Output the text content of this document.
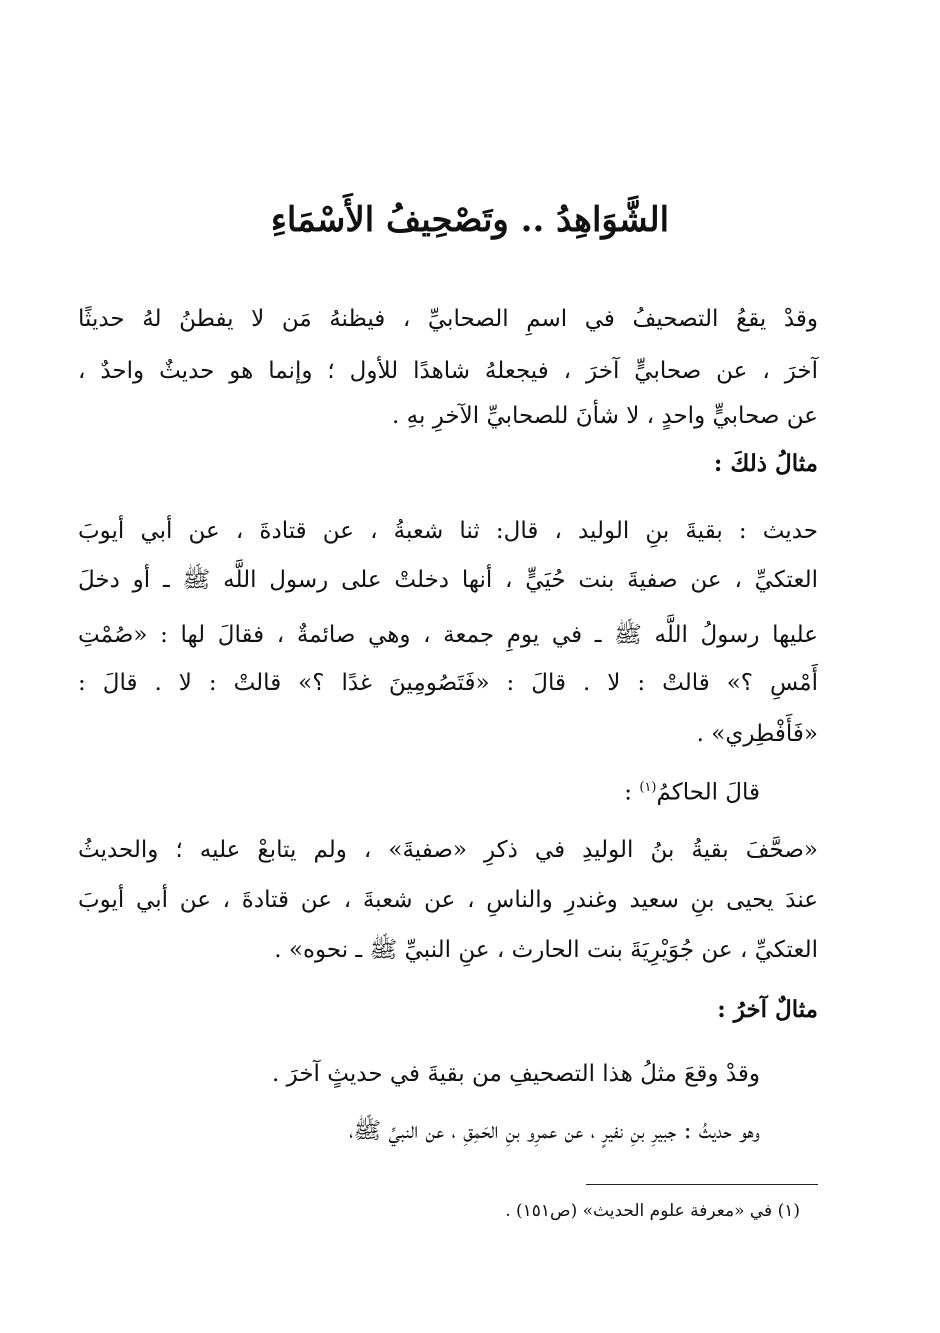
الشَّوَاهِدُ .. وتَصْحِيفُ الأَسْمَاءِ
وقدْ يقعُ التصحيفُ في اسمِ الصحابيِّ ، فيظنهُ مَن لا يفطنُ لهُ حديثًا
آخرَ ، عن صحابيٍّ آخرَ ، فيجعلهُ شاهدًا للأول ؛ وإنما هو حديثٌ واحدٌ ،
عن صحابيٍّ واحدٍ ، لا شأنَ للصحابيِّ الآخرِ بهِ .
مثالُ ذلكَ :
حديث : بقيةَ بنِ الوليد ، قال: ثنا شعبةُ ، عن قتادةَ ، عن أبي أيوبَ
العتكيِّ ، عن صفيةَ بنت حُيَيٍّ ، أنها دخلتْ على رسول اللَّه ﷺ ـ أو دخلَ
عليها رسولُ اللَّه ﷺ ـ في يومِ جمعة ، وهي صائمةٌ ، فقالَ لها : «صُمْتِ
أَمْسِ ؟» قالتْ : لا . قالَ : «فَتَصُومِينَ غدًا ؟» قالتْ : لا . قالَ :
«فَأَفْطِري» .
قالَ الحاكمُ$^{(١)}$ :
«صحَّفَ بقيةُ بنُ الوليدِ في ذكرِ «صفيةَ» ، ولم يتابعْ عليه ؛ والحديثُ
عندَ يحيى بنِ سعيد وغندرِ والناسِ ، عن شعبةَ ، عن قتادةَ ، عن أبي أيوبَ
العتكيِّ ، عن جُوَيْرِيَةَ بنت الحارث ، عنِ النبيِّ ﷺ ـ نحوه» .
مثالٌ آخرُ :
وقدْ وقعَ مثلُ هذا التصحيفِ من بقيةَ في حديثٍ آخرَ .
وهو حديثُ : جبيرِ بنِ نفيرٍ ، عن عمرِو بنِ الحَمِقِ ، عن النبيِّ ﷺ،
(١) في «معرفة علوم الحديث» (ص١٥١) .
